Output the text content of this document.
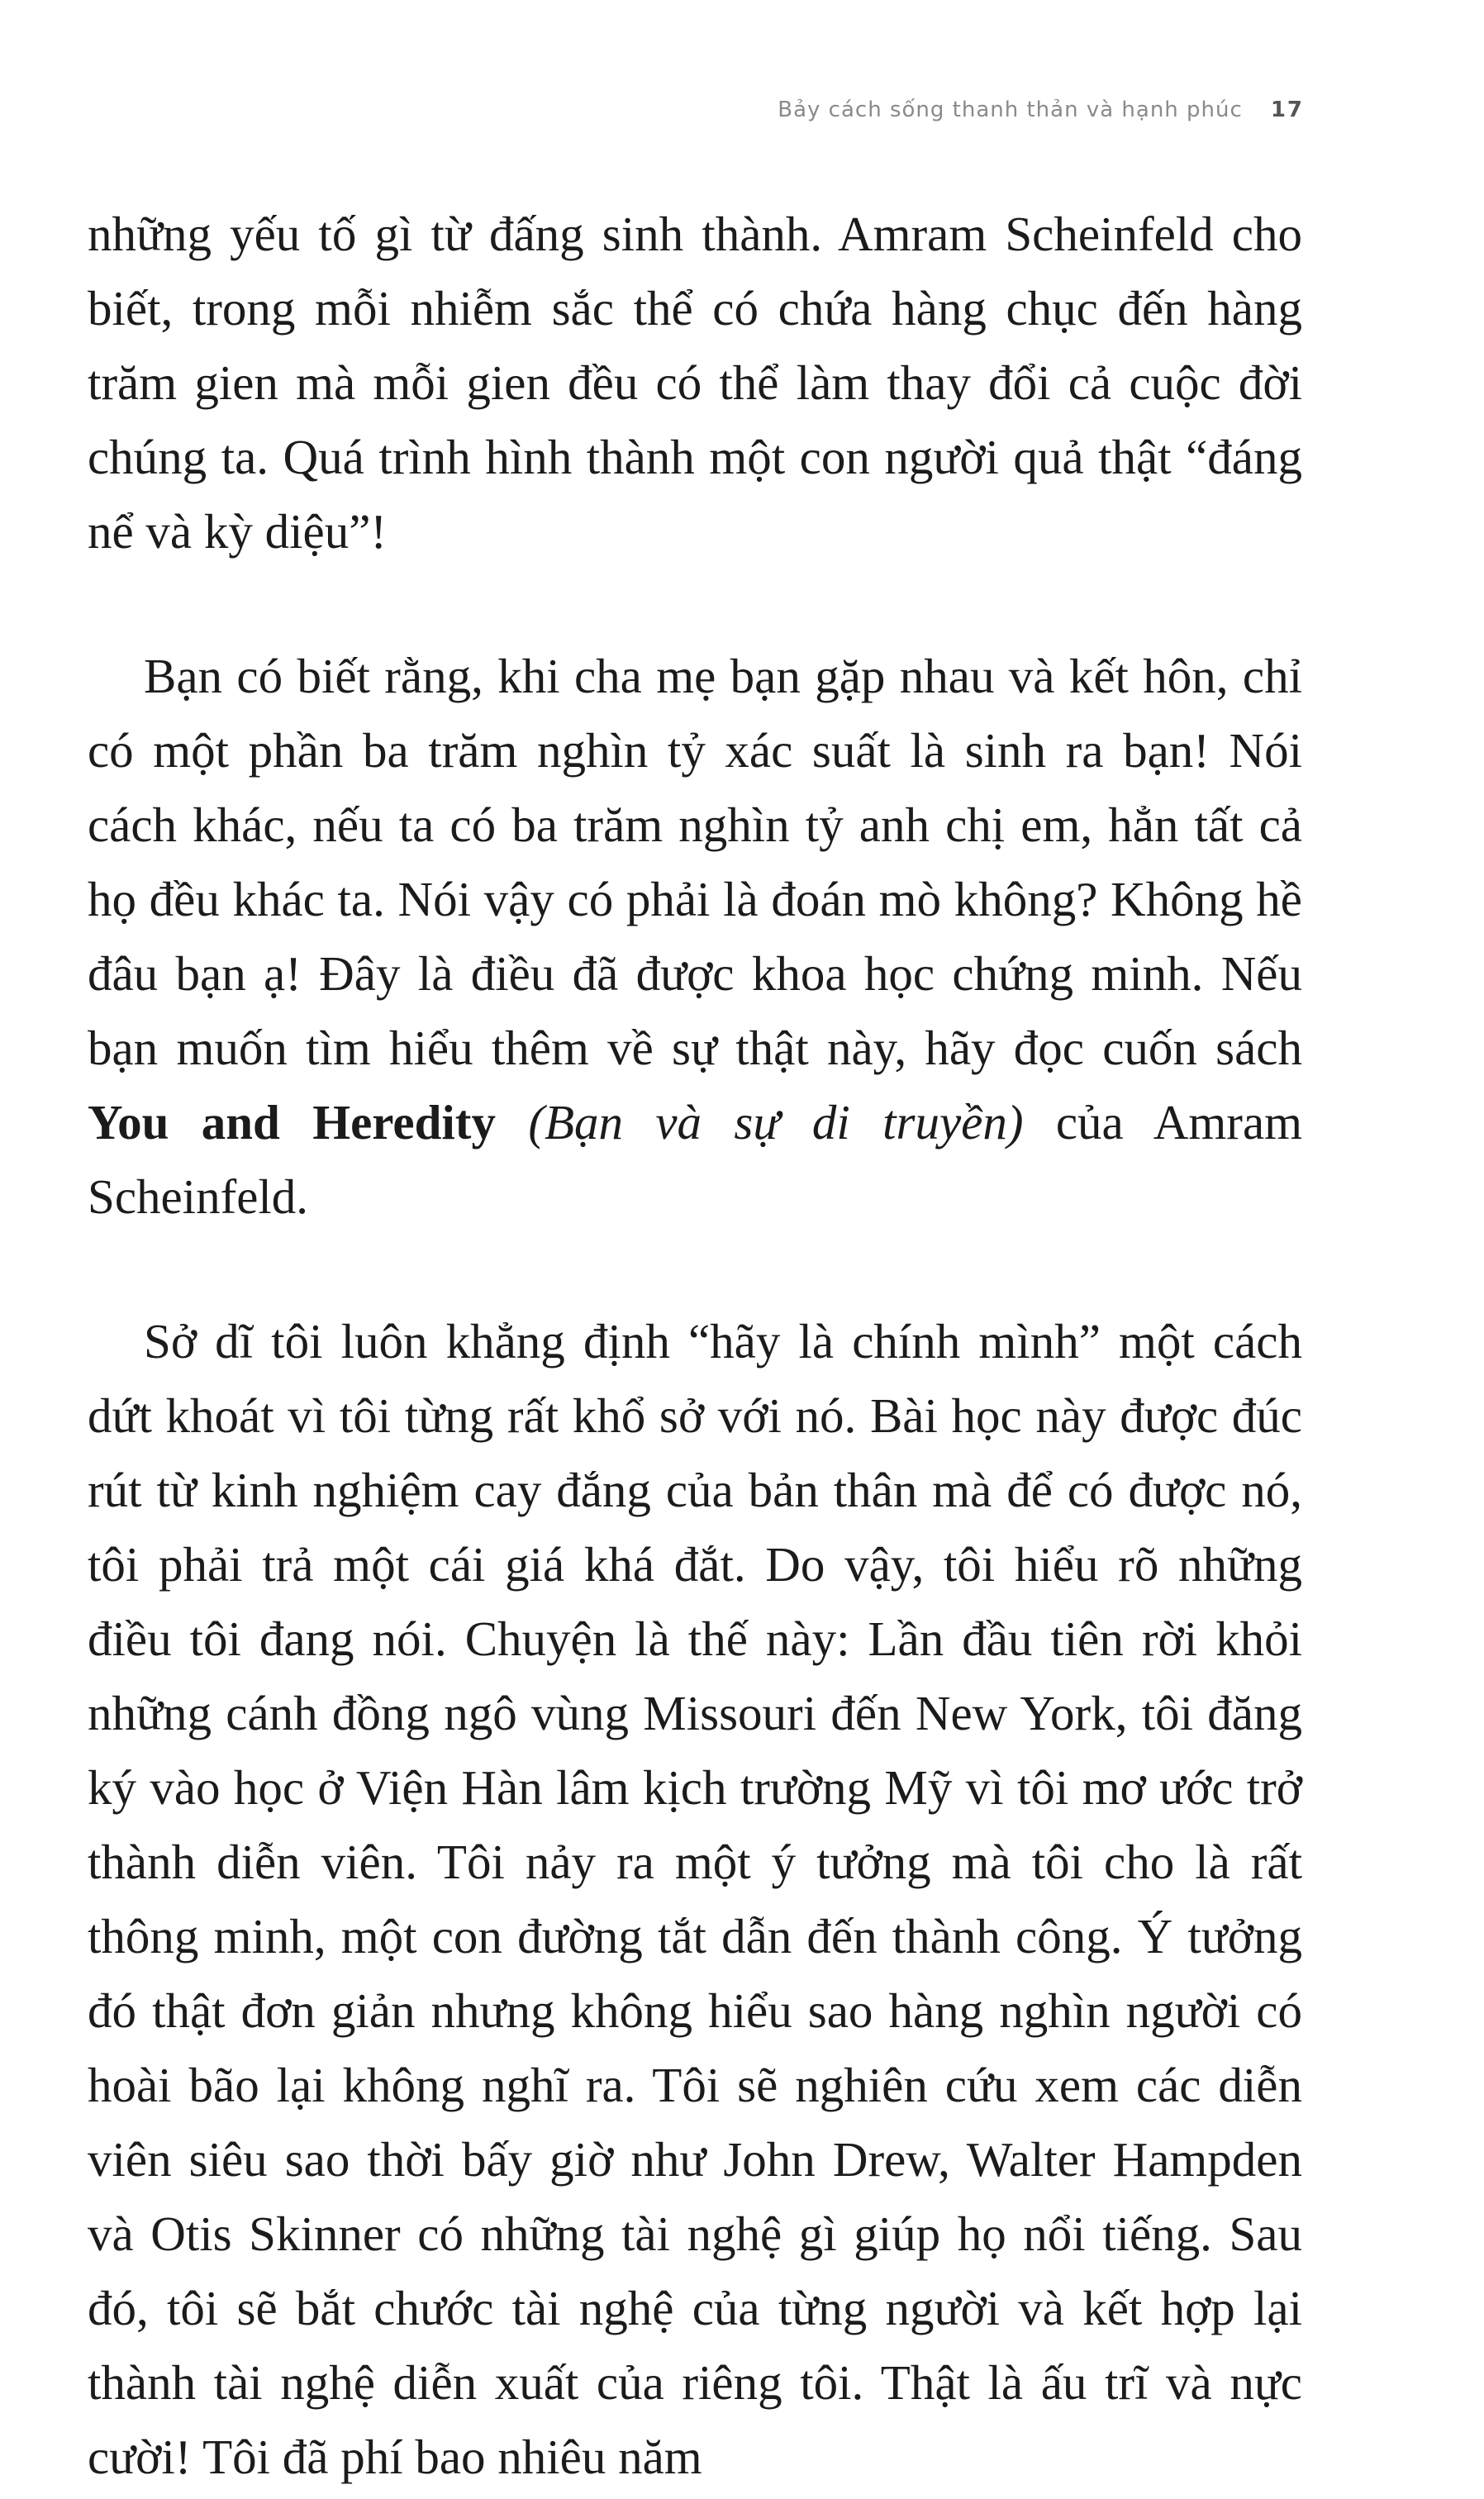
Bảy cách sống thanh thản và hạnh phúc 17

những yếu tố gì từ đấng sinh thành. Amram Scheinfeld cho biết, trong mỗi nhiễm sắc thể có chứa hàng chục đến hàng trăm gien mà mỗi gien đều có thể làm thay đổi cả cuộc đời chúng ta. Quá trình hình thành một con người quả thật “đáng nể và kỳ diệu”!

Bạn có biết rằng, khi cha mẹ bạn gặp nhau và kết hôn, chỉ có một phần ba trăm nghìn tỷ xác suất là sinh ra bạn! Nói cách khác, nếu ta có ba trăm nghìn tỷ anh chị em, hẳn tất cả họ đều khác ta. Nói vậy có phải là đoán mò không? Không hề đâu bạn ạ! Đây là điều đã được khoa học chứng minh. Nếu bạn muốn tìm hiểu thêm về sự thật này, hãy đọc cuốn sách You and Heredity (Bạn và sự di truyền) của Amram Scheinfeld.

Sở dĩ tôi luôn khẳng định “hãy là chính mình” một cách dứt khoát vì tôi từng rất khổ sở với nó. Bài học này được đúc rút từ kinh nghiệm cay đắng của bản thân mà để có được nó, tôi phải trả một cái giá khá đắt. Do vậy, tôi hiểu rõ những điều tôi đang nói. Chuyện là thế này: Lần đầu tiên rời khỏi những cánh đồng ngô vùng Missouri đến New York, tôi đăng ký vào học ở Viện Hàn lâm kịch trường Mỹ vì tôi mơ ước trở thành diễn viên. Tôi nảy ra một ý tưởng mà tôi cho là rất thông minh, một con đường tắt dẫn đến thành công. Ý tưởng đó thật đơn giản nhưng không hiểu sao hàng nghìn người có hoài bão lại không nghĩ ra. Tôi sẽ nghiên cứu xem các diễn viên siêu sao thời bấy giờ như John Drew, Walter Hampden và Otis Skinner có những tài nghệ gì giúp họ nổi tiếng. Sau đó, tôi sẽ bắt chước tài nghệ của từng người và kết hợp lại thành tài nghệ diễn xuất của riêng tôi. Thật là ấu trĩ và nực cười! Tôi đã phí bao nhiêu năm
